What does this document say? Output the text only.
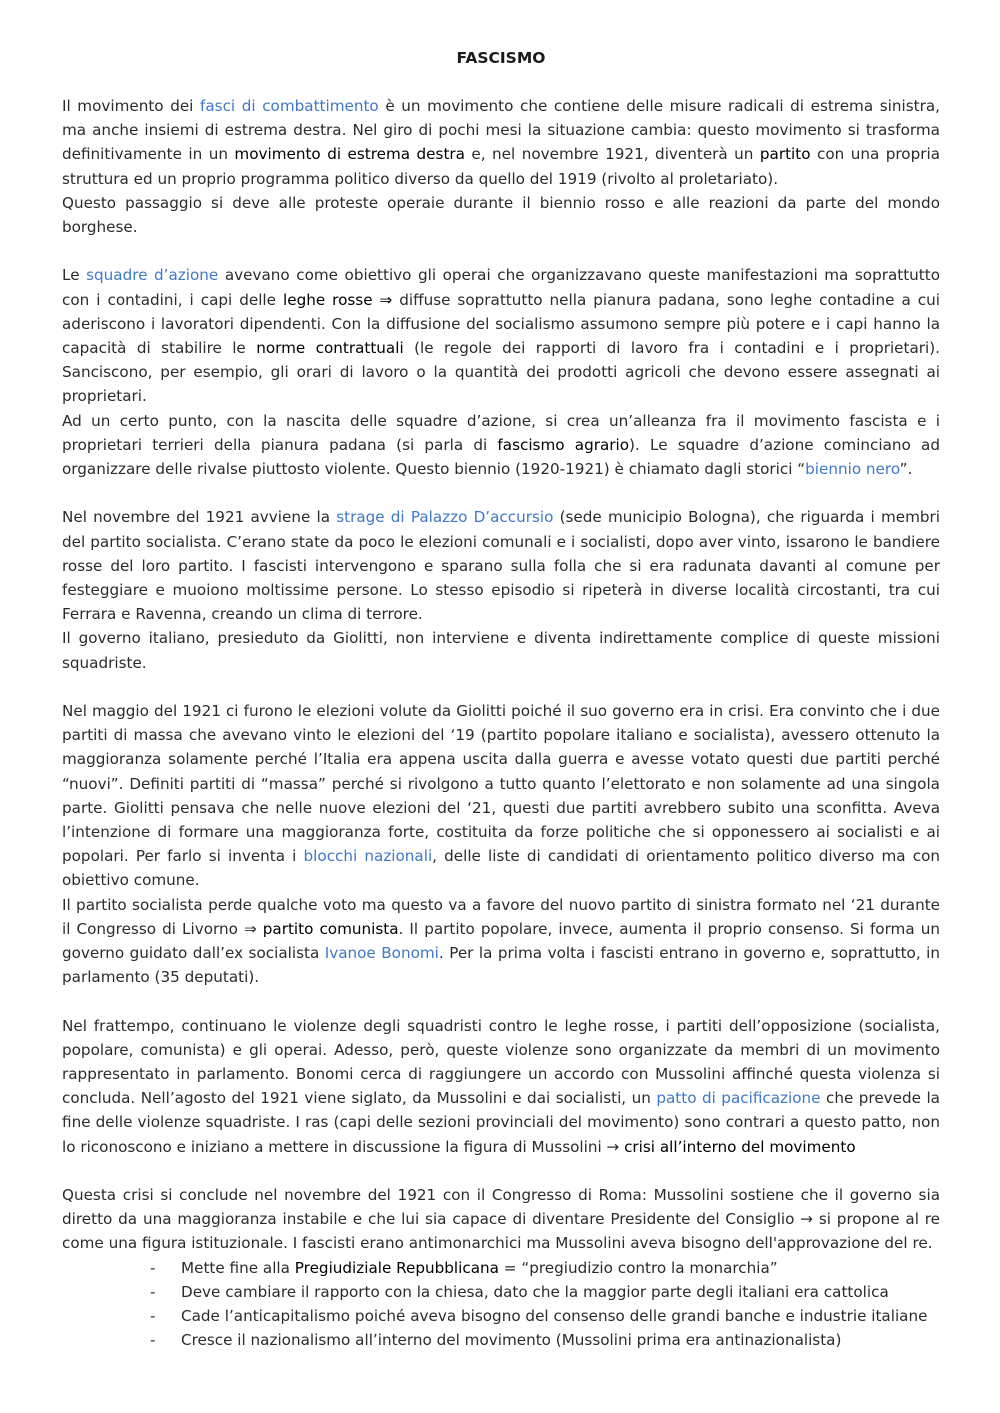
FASCISMO

Il movimento dei fasci di combattimento è un movimento che contiene delle misure radicali di estrema sinistra, ma anche insiemi di estrema destra. Nel giro di pochi mesi la situazione cambia: questo movimento si trasforma definitivamente in un movimento di estrema destra e, nel novembre 1921, diventerà un partito con una propria struttura ed un proprio programma politico diverso da quello del 1919 (rivolto al proletariato).

Questo passaggio si deve alle proteste operaie durante il biennio rosso e alle reazioni da parte del mondo borghese.

Le squadre d’azione avevano come obiettivo gli operai che organizzavano queste manifestazioni ma soprattutto con i contadini, i capi delle leghe rosse ⇒ diffuse soprattutto nella pianura padana, sono leghe contadine a cui aderiscono i lavoratori dipendenti. Con la diffusione del socialismo assumono sempre più potere e i capi hanno la capacità di stabilire le norme contrattuali (le regole dei rapporti di lavoro fra i contadini e i proprietari). Sanciscono, per esempio, gli orari di lavoro o la quantità dei prodotti agricoli che devono essere assegnati ai proprietari.

Ad un certo punto, con la nascita delle squadre d’azione, si crea un’alleanza fra il movimento fascista e i proprietari terrieri della pianura padana (si parla di fascismo agrario). Le squadre d’azione cominciano ad organizzare delle rivalse piuttosto violente. Questo biennio (1920-1921) è chiamato dagli storici “biennio nero”.

Nel novembre del 1921 avviene la strage di Palazzo D’accursio (sede municipio Bologna), che riguarda i membri del partito socialista. C’erano state da poco le elezioni comunali e i socialisti, dopo aver vinto, issarono le bandiere rosse del loro partito. I fascisti intervengono e sparano sulla folla che si era radunata davanti al comune per festeggiare e muoiono moltissime persone. Lo stesso episodio si ripeterà in diverse località circostanti, tra cui Ferrara e Ravenna, creando un clima di terrore.

Il governo italiano, presieduto da Giolitti, non interviene e diventa indirettamente complice di queste missioni squadriste.

Nel maggio del 1921 ci furono le elezioni volute da Giolitti poiché il suo governo era in crisi. Era convinto che i due partiti di massa che avevano vinto le elezioni del ‘19 (partito popolare italiano e socialista), avessero ottenuto la maggioranza solamente perché l’Italia era appena uscita dalla guerra e avesse votato questi due partiti perché “nuovi”. Definiti partiti di “massa” perché si rivolgono a tutto quanto l’elettorato e non solamente ad una singola parte. Giolitti pensava che nelle nuove elezioni del ‘21, questi due partiti avrebbero subito una sconfitta. Aveva l’intenzione di formare una maggioranza forte, costituita da forze politiche che si opponessero ai socialisti e ai popolari. Per farlo si inventa i blocchi nazionali, delle liste di candidati di orientamento politico diverso ma con obiettivo comune.

Il partito socialista perde qualche voto ma questo va a favore del nuovo partito di sinistra formato nel ‘21 durante il Congresso di Livorno ⇒ partito comunista. Il partito popolare, invece, aumenta il proprio consenso. Si forma un governo guidato dall’ex socialista Ivanoe Bonomi. Per la prima volta i fascisti entrano in governo e, soprattutto, in parlamento (35 deputati).

Nel frattempo, continuano le violenze degli squadristi contro le leghe rosse, i partiti dell’opposizione (socialista, popolare, comunista) e gli operai. Adesso, però, queste violenze sono organizzate da membri di un movimento rappresentato in parlamento. Bonomi cerca di raggiungere un accordo con Mussolini affinché questa violenza si concluda. Nell’agosto del 1921 viene siglato, da Mussolini e dai socialisti, un patto di pacificazione che prevede la fine delle violenze squadriste. I ras (capi delle sezioni provinciali del movimento) sono contrari a questo patto, non lo riconoscono e iniziano a mettere in discussione la figura di Mussolini → crisi all’interno del movimento

Questa crisi si conclude nel novembre del 1921 con il Congresso di Roma: Mussolini sostiene che il governo sia diretto da una maggioranza instabile e che lui sia capace di diventare Presidente del Consiglio → si propone al re come una figura istituzionale. I fascisti erano antimonarchici ma Mussolini aveva bisogno dell'approvazione del re.

- Mette fine alla Pregiudiziale Repubblicana = “pregiudizio contro la monarchia”
- Deve cambiare il rapporto con la chiesa, dato che la maggior parte degli italiani era cattolica
- Cade l’anticapitalismo poiché aveva bisogno del consenso delle grandi banche e industrie italiane
- Cresce il nazionalismo all’interno del movimento (Mussolini prima era antinazionalista)
